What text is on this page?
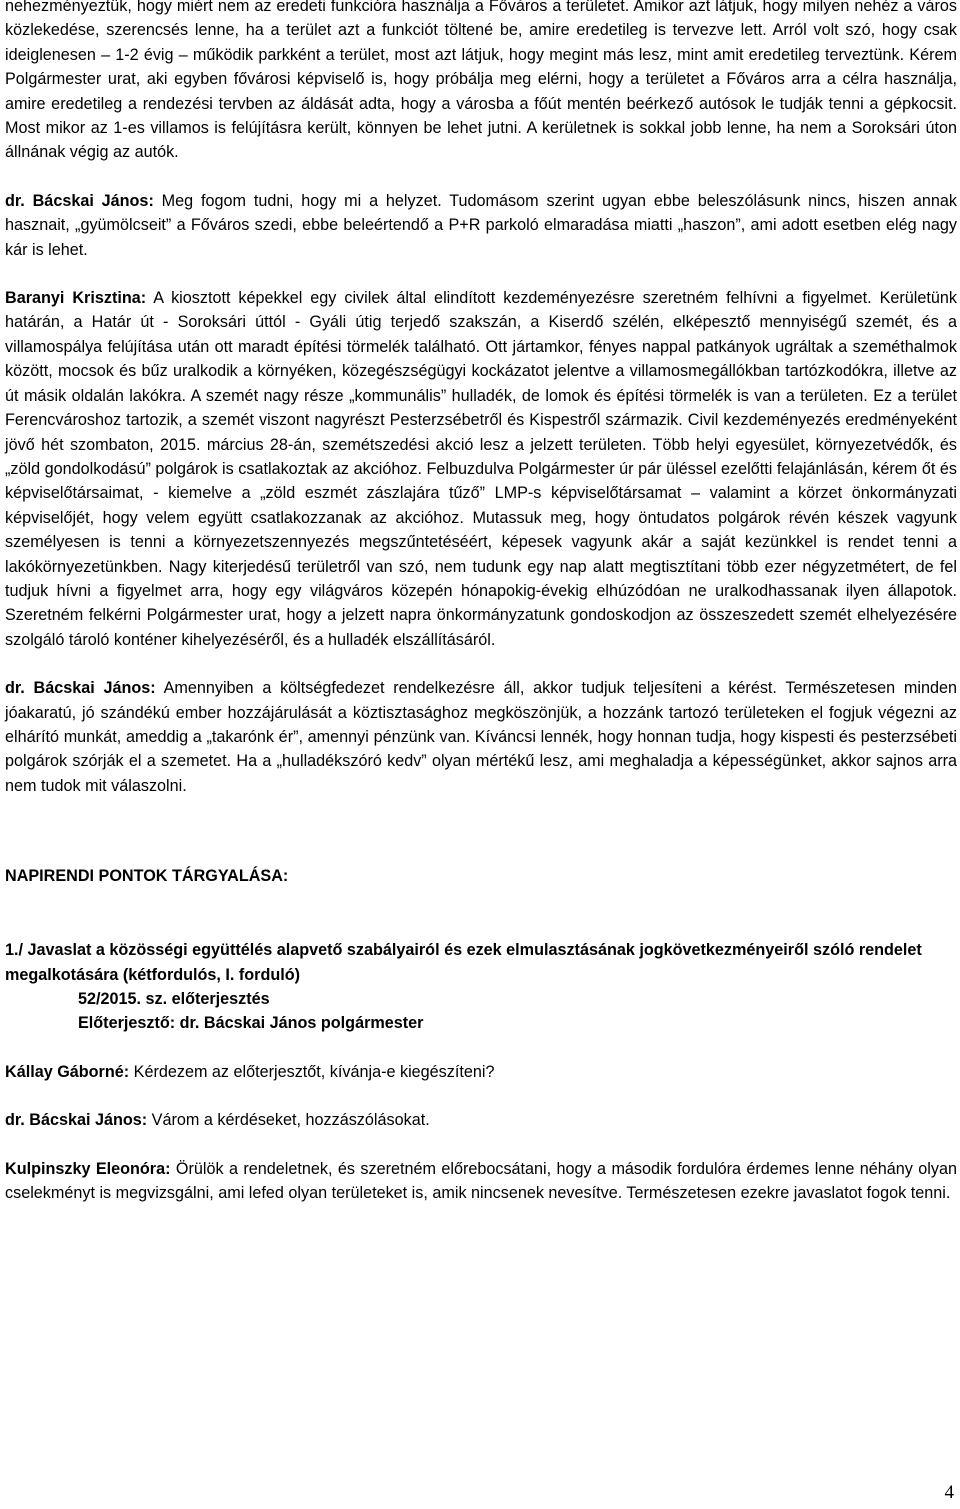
nehezményeztük, hogy miért nem az eredeti funkcióra használja a Főváros a területet. Amikor azt látjuk, hogy milyen nehéz a város közlekedése, szerencsés lenne, ha a terület azt a funkciót töltené be, amire eredetileg is tervezve lett. Arról volt szó, hogy csak ideiglenesen – 1-2 évig – működik parkként a terület, most azt látjuk, hogy megint más lesz, mint amit eredetileg terveztünk. Kérem Polgármester urat, aki egyben fővárosi képviselő is, hogy próbálja meg elérni, hogy a területet a Főváros arra a célra használja, amire eredetileg a rendezési tervben az áldását adta, hogy a városba a főút mentén beérkező autósok le tudják tenni a gépkocsit. Most mikor az 1-es villamos is felújításra került, könnyen be lehet jutni. A kerületnek is sokkal jobb lenne, ha nem a Soroksári úton állnának végig az autók.

dr. Bácskai János: Meg fogom tudni, hogy mi a helyzet. Tudomásom szerint ugyan ebbe beleszólásunk nincs, hiszen annak hasznait, „gyümölcseit” a Főváros szedi, ebbe beleértendő a P+R parkoló elmaradása miatti „haszon”, ami adott esetben elég nagy kár is lehet.

Baranyi Krisztina: A kiosztott képekkel egy civilek által elindított kezdeményezésre szeretném felhívni a figyelmet. Kerületünk határán, a Határ út - Soroksári úttól - Gyáli útig terjedő szakszán, a Kiserdő szélén, elképesztő mennyiségű szemét, és a villamospálya felújítása után ott maradt építési törmelék található. Ott jártamkor, fényes nappal patkányok ugráltak a szeméthalmok között, mocsok és bűz uralkodik a környéken, közegészségügyi kockázatot jelentve a villamosmegállókban tartózkodókra, illetve az út másik oldalán lakókra. A szemét nagy része „kommunális” hulladék, de lomok és építési törmelék is van a területen. Ez a terület Ferencvároshoz tartozik, a szemét viszont nagyrészt Pesterzsébetről és Kispestről származik. Civil kezdeményezés eredményeként jövő hét szombaton, 2015. március 28-án, szemétszedési akció lesz a jelzett területen. Több helyi egyesület, környezetvédők, és „zöld gondolkodású” polgárok is csatlakoztak az akcióhoz. Felbuzdulva Polgármester úr pár üléssel ezelőtti felajánlásán, kérem őt és képviselőtársaimat, - kiemelve a „zöld eszmét zászlajára tűző” LMP-s képviselőtársamat – valamint a körzet önkormányzati képviselőjét, hogy velem együtt csatlakozzanak az akcióhoz. Mutassuk meg, hogy öntudatos polgárok révén készek vagyunk személyesen is tenni a környezetszennyezés megszűntetéséért, képesek vagyunk akár a saját kezünkkel is rendet tenni a lakókörnyezetünkben. Nagy kiterjedésű területről van szó, nem tudunk egy nap alatt megtisztítani több ezer négyzetmétert, de fel tudjuk hívni a figyelmet arra, hogy egy világváros közepén hónapokig-évekig elhúzódóan ne uralkodhassanak ilyen állapotok. Szeretném felkérni Polgármester urat, hogy a jelzett napra önkormányzatunk gondoskodjon az összeszedett szemét elhelyezésére szolgáló tároló konténer kihelyezéséről, és a hulladék elszállításáról.

dr. Bácskai János: Amennyiben a költségfedezet rendelkezésre áll, akkor tudjuk teljesíteni a kérést. Természetesen minden jóakaratú, jó szándékú ember hozzájárulását a köztisztasághoz megköszönjük, a hozzánk tartozó területeken el fogjuk végezni az elhárító munkát, ameddig a „takarónk ér”, amennyi pénzünk van. Kíváncsi lennék, hogy honnan tudja, hogy kispesti és pesterzsébeti polgárok szórják el a szemetet. Ha a „hulladékszóró kedv” olyan mértékű lesz, ami meghaladja a képességünket, akkor sajnos arra nem tudok mit válaszolni.

NAPIRENDI PONTOK TÁRGYALÁSA:
1./ Javaslat a közösségi együttélés alapvető szabályairól és ezek elmulasztásának jogkövetkezményeiről szóló rendelet megalkotására (kétfordulós, I. forduló)
52/2015. sz. előterjesztés
Előterjesztő: dr. Bácskai János polgármester

Kállay Gáborné: Kérdezem az előterjesztőt, kívánja-e kiegészíteni?

dr. Bácskai János: Várom a kérdéseket, hozzászólásokat.

Kulpinszky Eleonóra: Örülök a rendeletnek, és szeretném előrebocsátani, hogy a második fordulóra érdemes lenne néhány olyan cselekményt is megvizsgálni, ami lefed olyan területeket is, amik nincsenek nevesítve. Természetesen ezekre javaslatot fogok tenni.

4
